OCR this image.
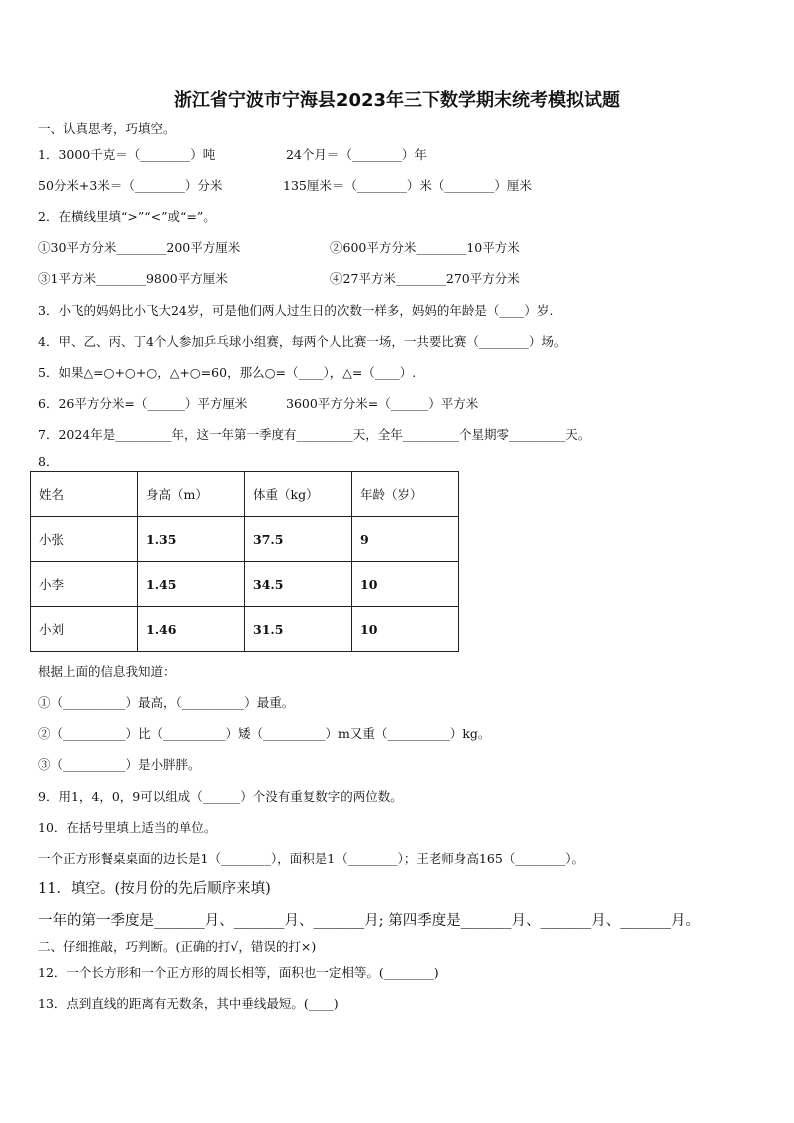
浙江省宁波市宁海县2023年三下数学期末统考模拟试题
一、认真思考，巧填空。
1．3000千克＝（________）吨	24个月＝（________）年
50分米+3米＝（________）分米	135厘米＝（________）米（________）厘米
2．在横线里填“>”“<”或“=”。
①30平方分米________200平方厘米	②600平方分米________10平方米
③1平方米________9800平方厘米	④27平方米________270平方分米
3．小飞的妈妈比小飞大24岁，可是他们两人过生日的次数一样多，妈妈的年龄是（____）岁.
4．甲、乙、丙、丁4个人参加乒乓球小组赛，每两个人比赛一场，一共要比赛（________）场。
5．如果△=○+○+○，△+○=60，那么○=（____），△=（____）.
6．26平方分米=（______）平方厘米	3600平方分米=（______）平方米
7．2024年是_________年，这一年第一季度有_________天，全年_________个星期零_________天。
8．
姓名	身高（m）	体重（kg）	年龄（岁）
小张	1.35	37.5	9
小李	1.45	34.5	10
小刘	1.46	31.5	10
根据上面的信息我知道：
①（__________）最高，（__________）最重。
②（__________）比（__________）矮（__________）m又重（__________）kg。
③（__________）是小胖胖。
9．用1，4，0，9可以组成（______）个没有重复数字的两位数。
10．在括号里填上适当的单位。
一个正方形餐桌桌面的边长是1（________），面积是1（________）；王老师身高165（________）。
11．填空。(按月份的先后顺序来填)
一年的第一季度是_______月、_______月、_______月; 第四季度是_______月、_______月、_______月。
二、仔细推敲，巧判断。(正确的打√，错误的打×)
12．一个长方形和一个正方形的周长相等，面积也一定相等。(________)
13．点到直线的距离有无数条，其中垂线最短。(____)
